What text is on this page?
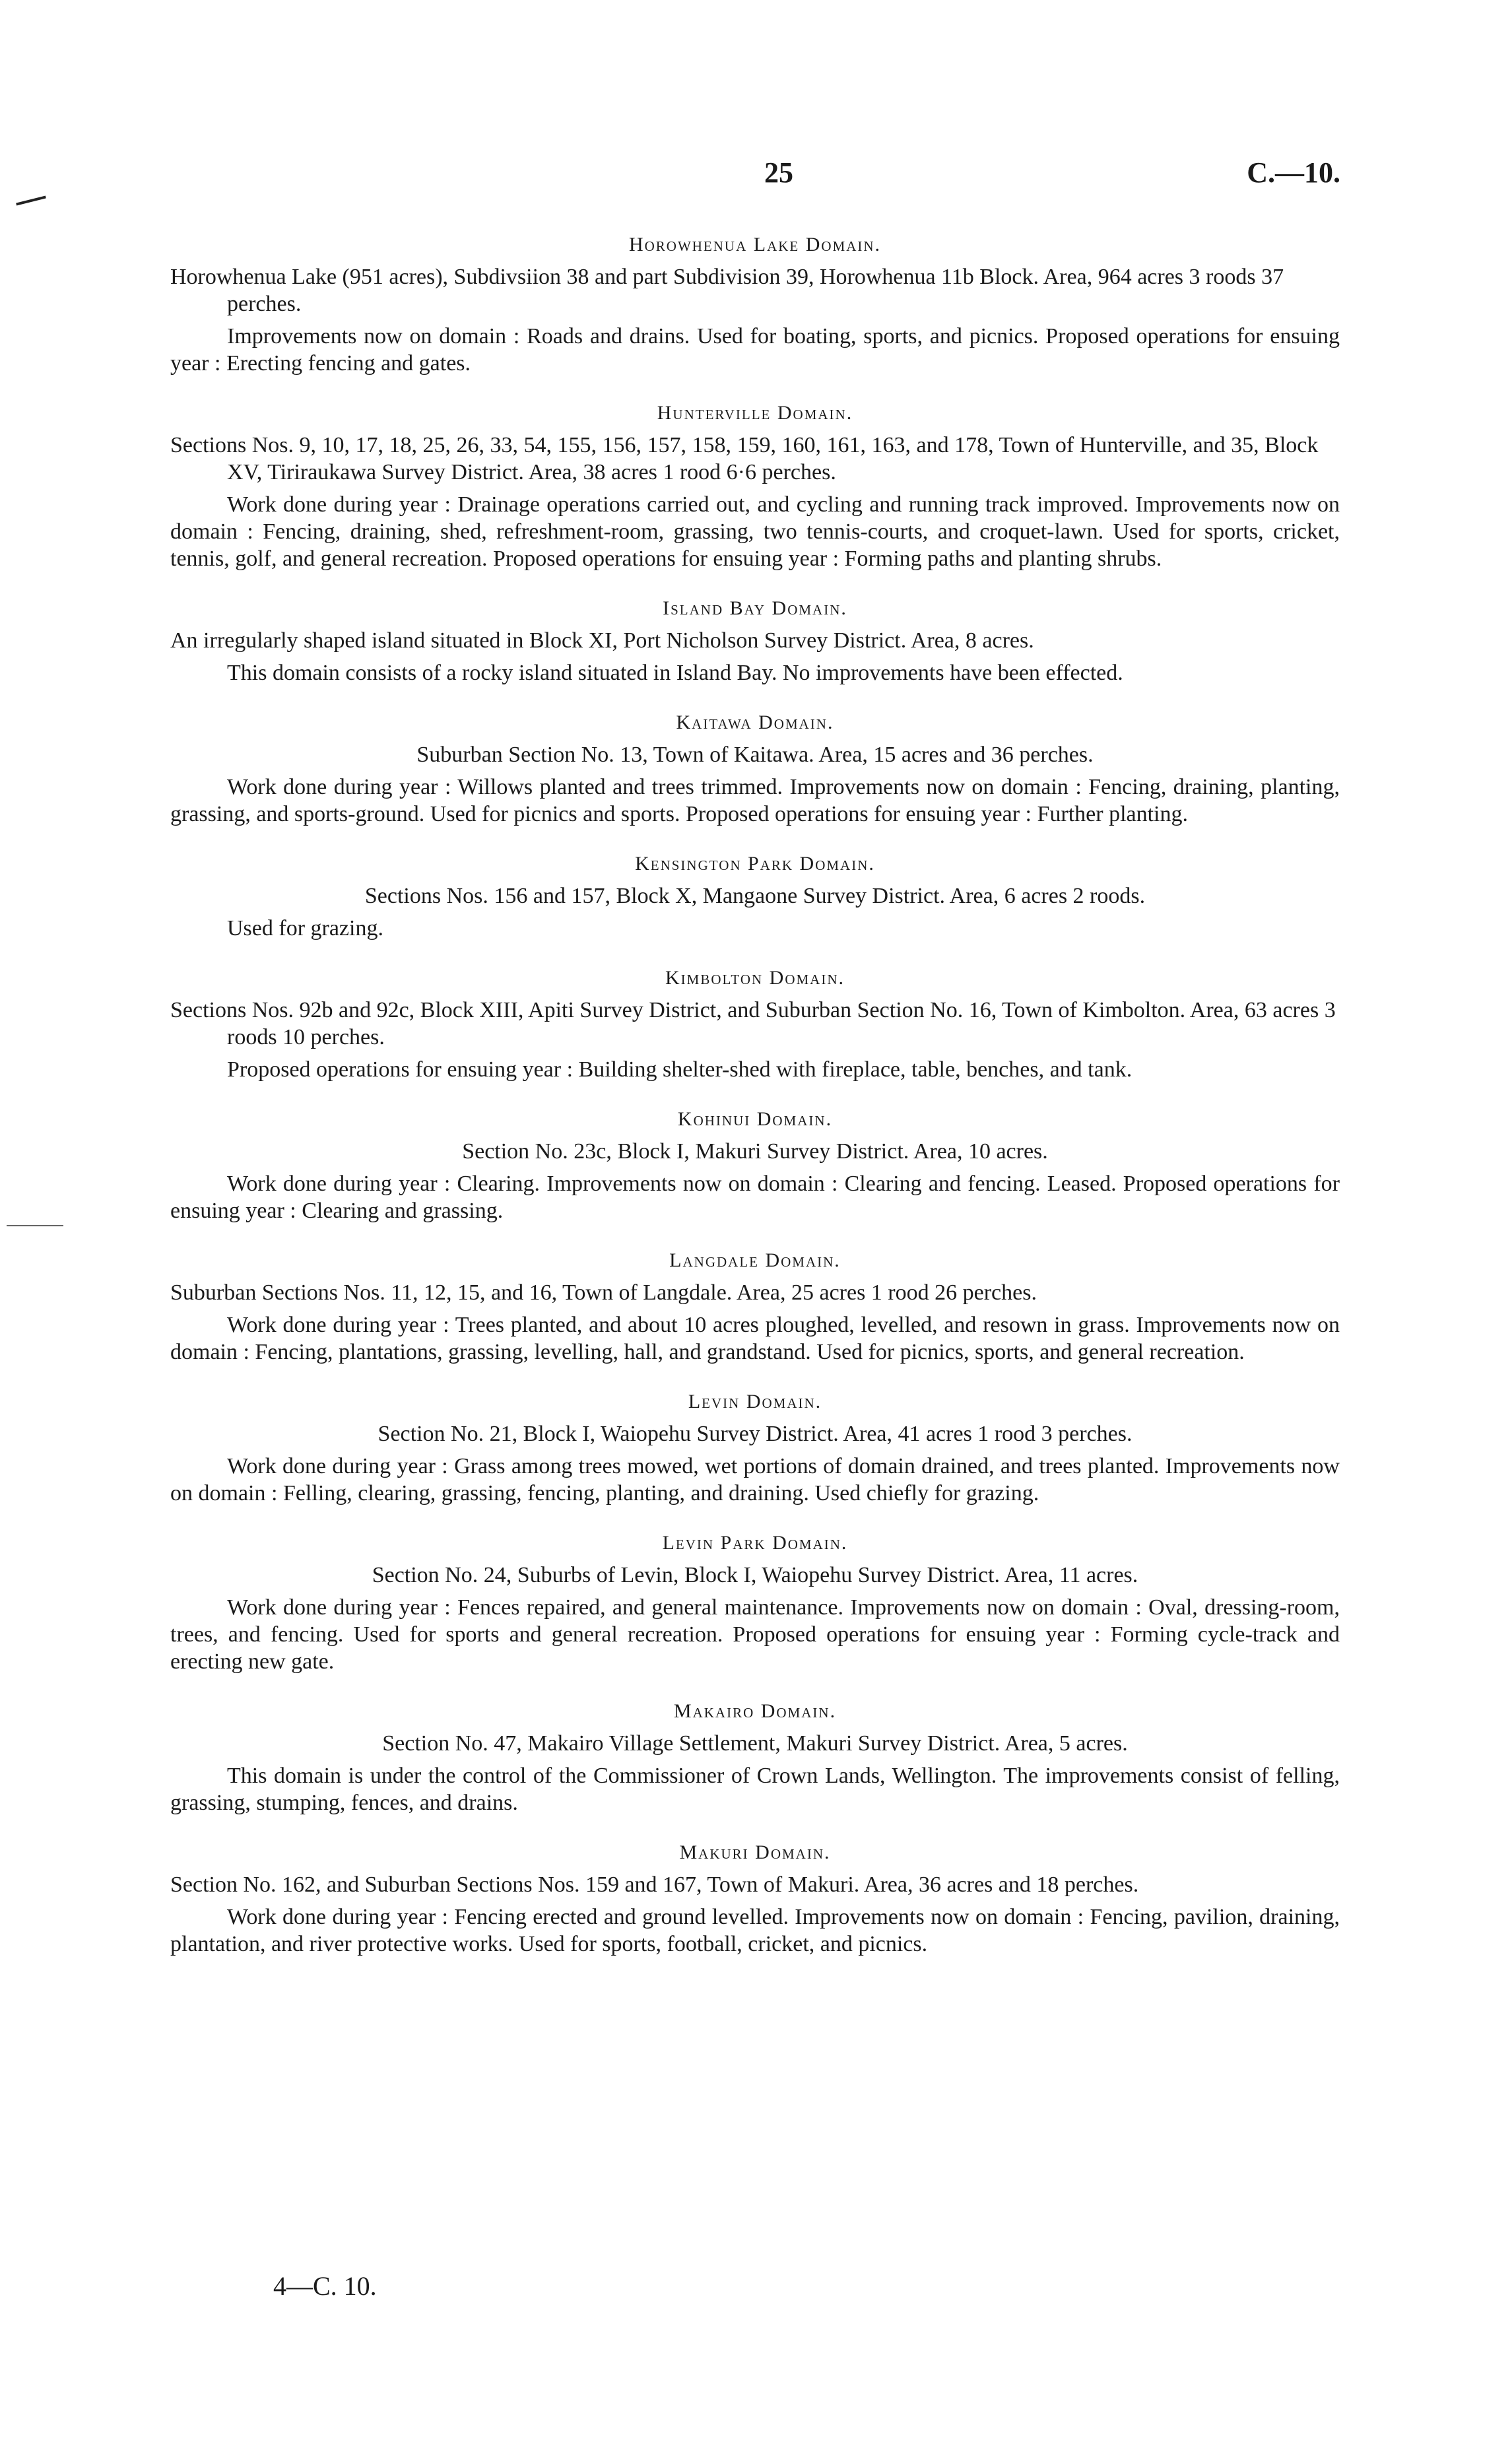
25	C.—10.
Horowhenua Lake Domain.

Horowhenua Lake (951 acres), Subdivsiion 38 and part Subdivision 39, Horowhenua 11b Block. Area, 964 acres 3 roods 37 perches.

Improvements now on domain : Roads and drains. Used for boating, sports, and picnics. Proposed operations for ensuing year : Erecting fencing and gates.

Hunterville Domain.

Sections Nos. 9, 10, 17, 18, 25, 26, 33, 54, 155, 156, 157, 158, 159, 160, 161, 163, and 178, Town of Hunterville, and 35, Block XV, Tiriraukawa Survey District. Area, 38 acres 1 rood 6·6 perches.

Work done during year : Drainage operations carried out, and cycling and running track improved. Improvements now on domain : Fencing, draining, shed, refreshment-room, grassing, two tennis-courts, and croquet-lawn. Used for sports, cricket, tennis, golf, and general recreation. Proposed operations for ensuing year : Forming paths and planting shrubs.

Island Bay Domain.

An irregularly shaped island situated in Block XI, Port Nicholson Survey District. Area, 8 acres.

This domain consists of a rocky island situated in Island Bay. No improvements have been effected.

Kaitawa Domain.

Suburban Section No. 13, Town of Kaitawa. Area, 15 acres and 36 perches.

Work done during year : Willows planted and trees trimmed. Improvements now on domain : Fencing, draining, planting, grassing, and sports-ground. Used for picnics and sports. Proposed operations for ensuing year : Further planting.

Kensington Park Domain.

Sections Nos. 156 and 157, Block X, Mangaone Survey District. Area, 6 acres 2 roods.

Used for grazing.

Kimbolton Domain.

Sections Nos. 92b and 92c, Block XIII, Apiti Survey District, and Suburban Section No. 16, Town of Kimbolton. Area, 63 acres 3 roods 10 perches.

Proposed operations for ensuing year : Building shelter-shed with fireplace, table, benches, and tank.

Kohinui Domain.

Section No. 23c, Block I, Makuri Survey District. Area, 10 acres.

Work done during year : Clearing. Improvements now on domain : Clearing and fencing. Leased. Proposed operations for ensuing year : Clearing and grassing.

Langdale Domain.

Suburban Sections Nos. 11, 12, 15, and 16, Town of Langdale. Area, 25 acres 1 rood 26 perches.

Work done during year : Trees planted, and about 10 acres ploughed, levelled, and resown in grass. Improvements now on domain : Fencing, plantations, grassing, levelling, hall, and grandstand. Used for picnics, sports, and general recreation.

Levin Domain.

Section No. 21, Block I, Waiopehu Survey District. Area, 41 acres 1 rood 3 perches.

Work done during year : Grass among trees mowed, wet portions of domain drained, and trees planted. Improvements now on domain : Felling, clearing, grassing, fencing, planting, and draining. Used chiefly for grazing.

Levin Park Domain.

Section No. 24, Suburbs of Levin, Block I, Waiopehu Survey District. Area, 11 acres.

Work done during year : Fences repaired, and general maintenance. Improvements now on domain : Oval, dressing-room, trees, and fencing. Used for sports and general recreation. Proposed operations for ensuing year : Forming cycle-track and erecting new gate.

Makairo Domain.

Section No. 47, Makairo Village Settlement, Makuri Survey District. Area, 5 acres.

This domain is under the control of the Commissioner of Crown Lands, Wellington. The improvements consist of felling, grassing, stumping, fences, and drains.

Makuri Domain.

Section No. 162, and Suburban Sections Nos. 159 and 167, Town of Makuri. Area, 36 acres and 18 perches.

Work done during year : Fencing erected and ground levelled. Improvements now on domain : Fencing, pavilion, draining, plantation, and river protective works. Used for sports, football, cricket, and picnics.

4—C. 10.
